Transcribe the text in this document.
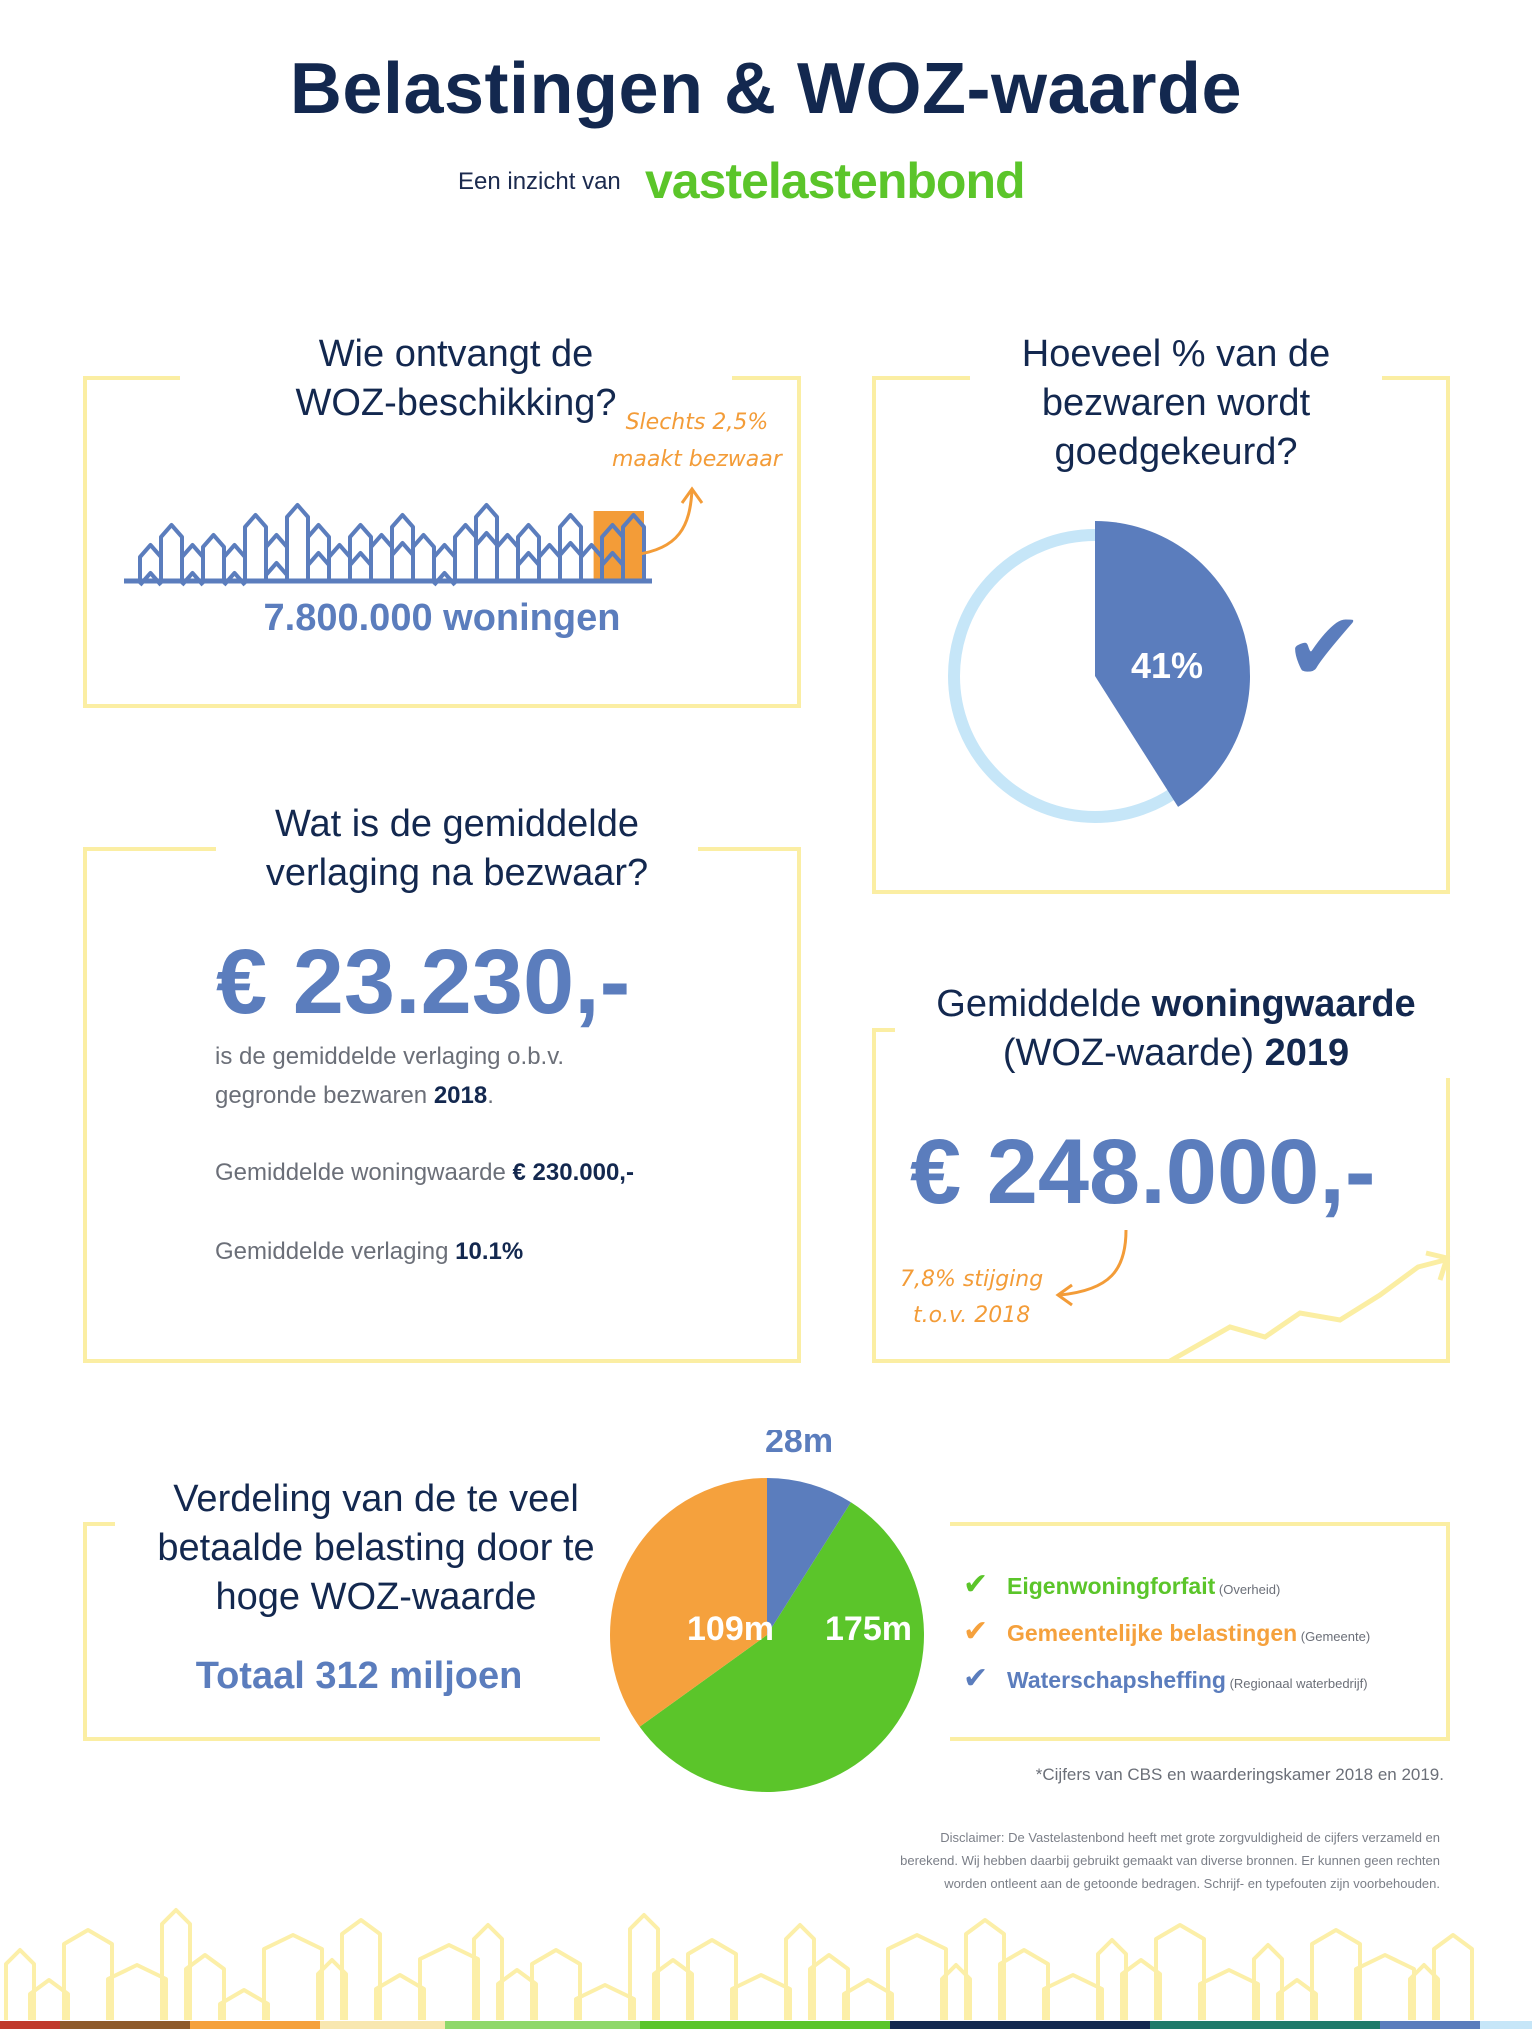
Belastingen & WOZ-waarde
Een inzicht van vastelastenbond
Wie ontvangt de
WOZ-beschikking? Slechts 2,5%
maakt bezwaar
7.800.000 woningen
Hoeveel % van de
bezwaren wordt
goedgekeurd?
41% ✔
Wat is de gemiddelde
verlaging na bezwaar?
€ 23.230,-
is de gemiddelde verlaging o.b.v.
gegronde bezwaren 2018.
Gemiddelde woningwaarde € 230.000,-
Gemiddelde verlaging 10.1%
Gemiddelde woningwaarde
(WOZ-waarde) 2019
€ 248.000,-
7,8% stijging
t.o.v. 2018
Verdeling van de te veel
betaalde belasting door te
hoge WOZ-waarde
Totaal 312 miljoen
175m
109m
28m
✔ Eigenwoningforfait (Overheid)
✔ Gemeentelijke belastingen (Gemeente)
✔ Waterschapsheffing (Regionaal waterbedrijf)
*Cijfers van CBS en waarderingskamer 2018 en 2019.
Disclaimer: De Vastelastenbond heeft met grote zorgvuldigheid de cijfers verzameld en
berekend. Wij hebben daarbij gebruikt gemaakt van diverse bronnen. Er kunnen geen rechten
worden ontleent aan de getoonde bedragen. Schrijf- en typefouten zijn voorbehouden.
